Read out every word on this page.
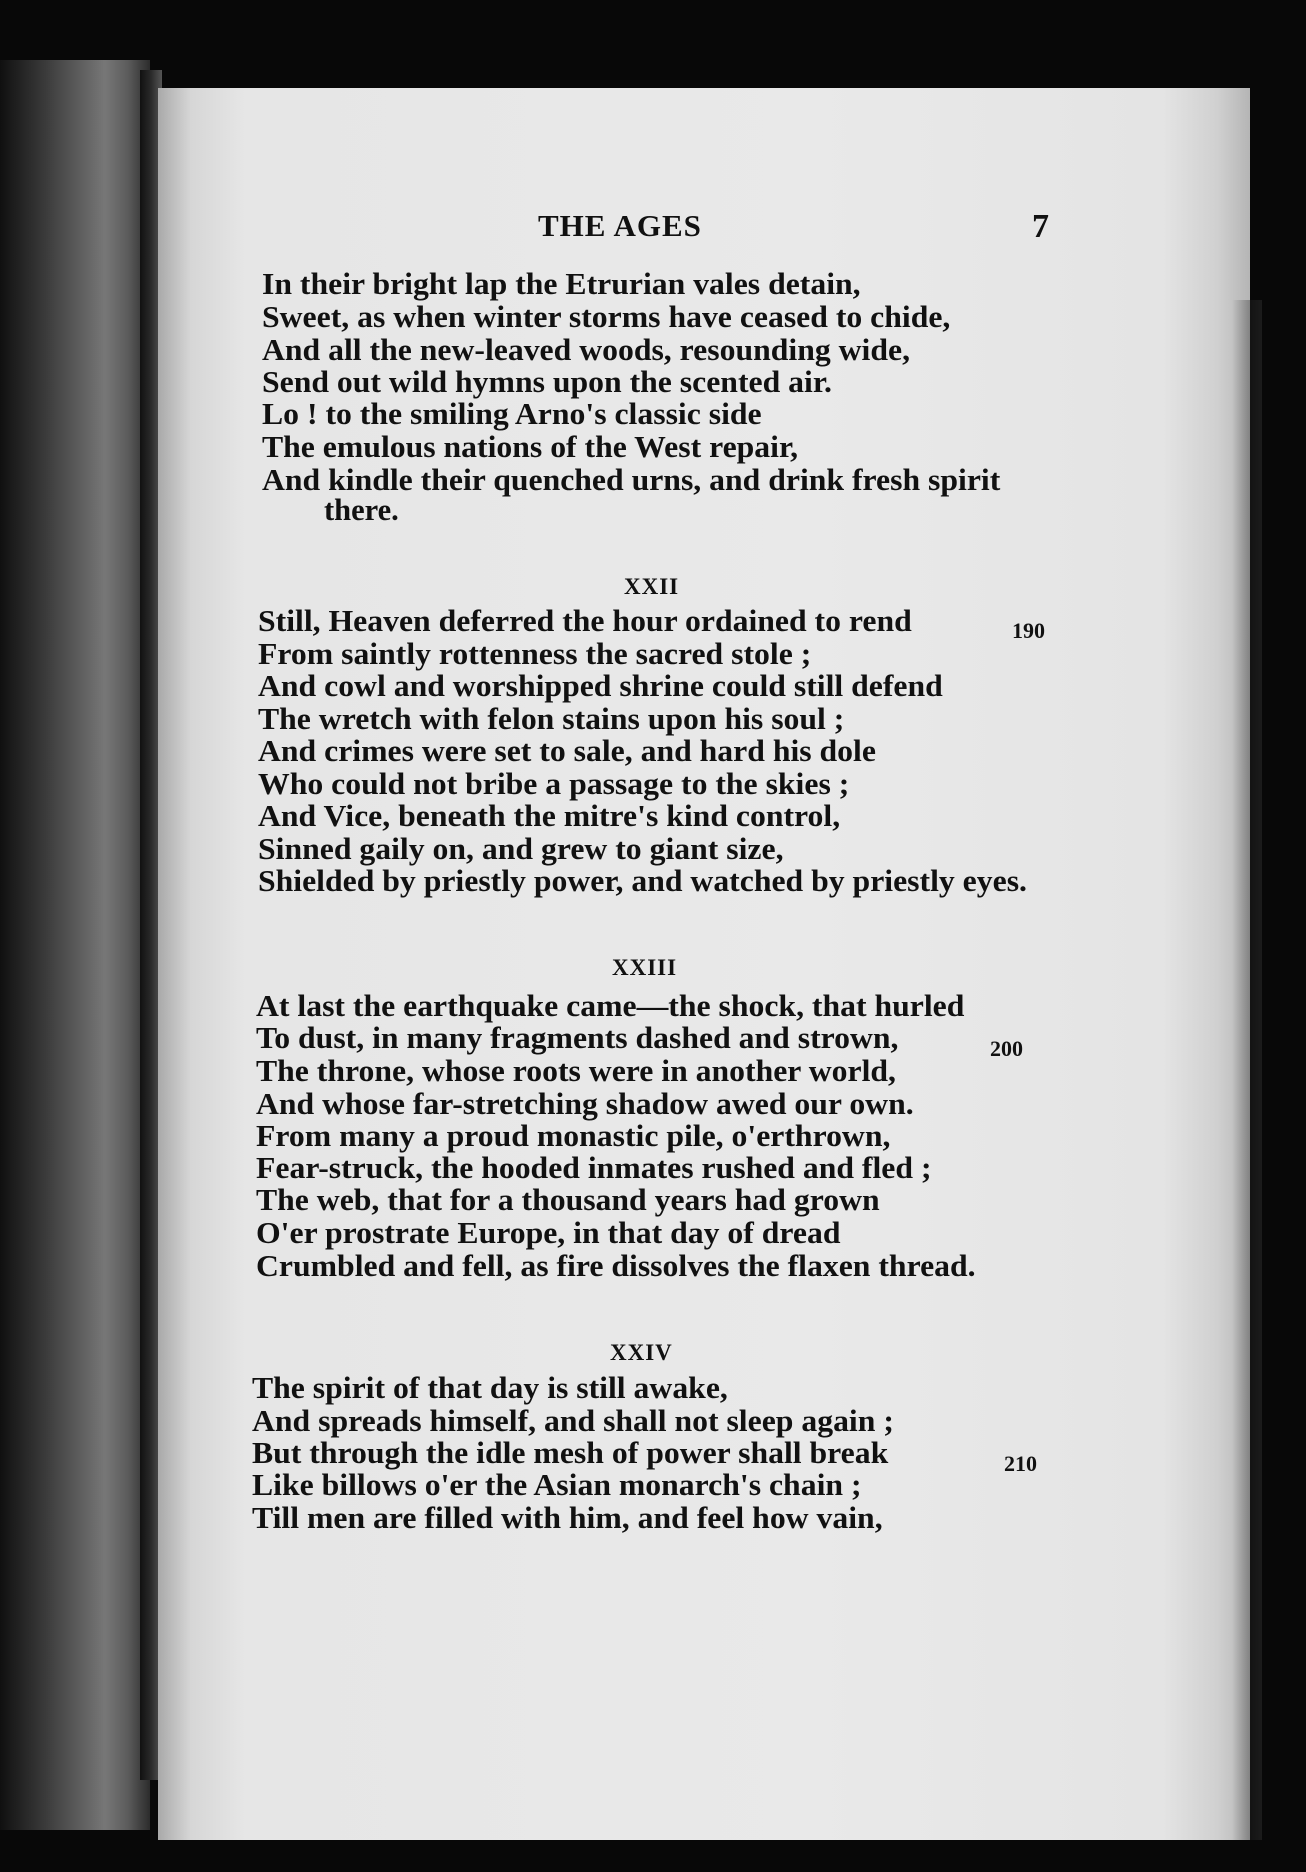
THE AGES	7
In their bright lap the Etrurian vales detain,
Sweet, as when winter storms have ceased to chide,
And all the new-leaved woods, resounding wide,
Send out wild hymns upon the scented air.
Lo ! to the smiling Arno's classic side
The emulous nations of the West repair,
And kindle their quenched urns, and drink fresh spirit
there.
XXII
Still, Heaven deferred the hour ordained to rend	190
From saintly rottenness the sacred stole ;
And cowl and worshipped shrine could still defend
The wretch with felon stains upon his soul ;
And crimes were set to sale, and hard his dole
Who could not bribe a passage to the skies ;
And Vice, beneath the mitre's kind control,
Sinned gaily on, and grew to giant size,
Shielded by priestly power, and watched by priestly eyes.
XXIII
At last the earthquake came—the shock, that hurled
To dust, in many fragments dashed and strown,	200
The throne, whose roots were in another world,
And whose far-stretching shadow awed our own.
From many a proud monastic pile, o'erthrown,
Fear-struck, the hooded inmates rushed and fled ;
The web, that for a thousand years had grown
O'er prostrate Europe, in that day of dread
Crumbled and fell, as fire dissolves the flaxen thread.
XXIV
The spirit of that day is still awake,
And spreads himself, and shall not sleep again ;
But through the idle mesh of power shall break	210
Like billows o'er the Asian monarch's chain ;
Till men are filled with him, and feel how vain,
